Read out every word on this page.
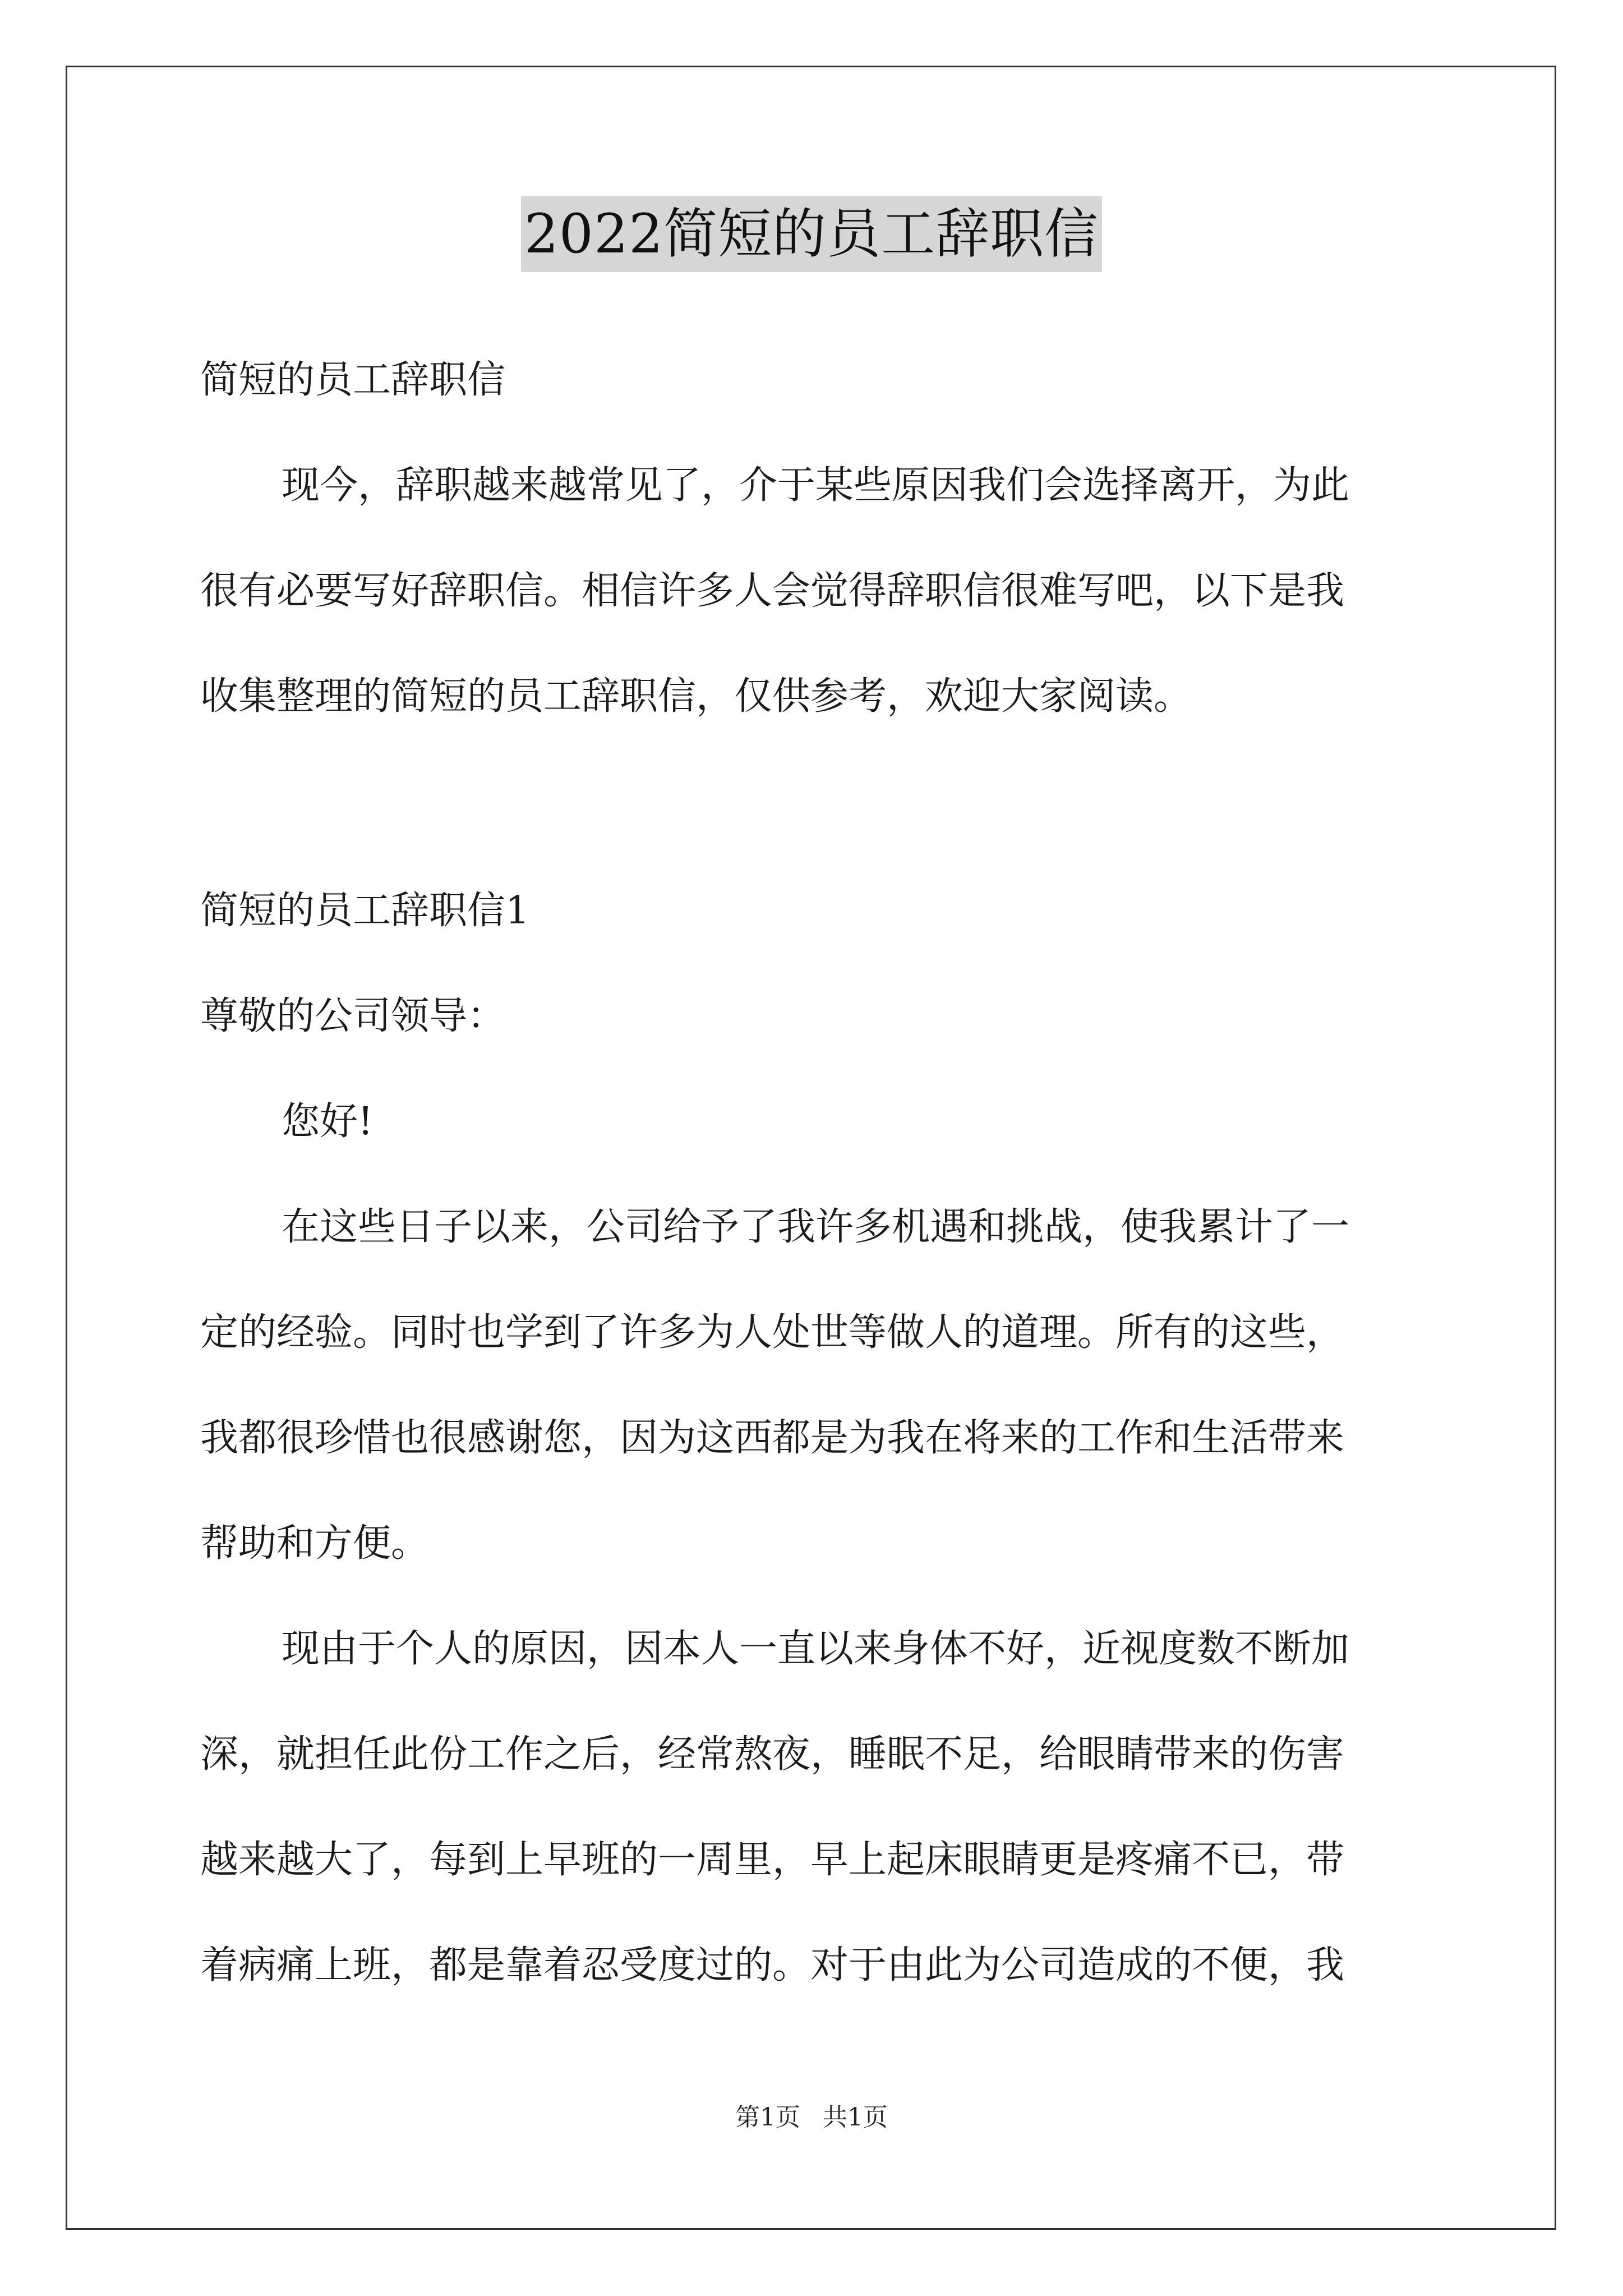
2022简短的员工辞职信
简短的员工辞职信
现今，辞职越来越常见了，介于某些原因我们会选择离开，为此
很有必要写好辞职信。相信许多人会觉得辞职信很难写吧，以下是我
收集整理的简短的员工辞职信，仅供参考，欢迎大家阅读。
简短的员工辞职信1
尊敬的公司领导：
您好!
在这些日子以来，公司给予了我许多机遇和挑战，使我累计了一
定的经验。同时也学到了许多为人处世等做人的道理。所有的这些，
我都很珍惜也很感谢您，因为这西都是为我在将来的工作和生活带来
帮助和方便。
现由于个人的原因，因本人一直以来身体不好，近视度数不断加
深，就担任此份工作之后，经常熬夜，睡眠不足，给眼睛带来的伤害
越来越大了，每到上早班的一周里，早上起床眼睛更是疼痛不已，带
着病痛上班，都是靠着忍受度过的。对于由此为公司造成的不便，我
第1页 共1页
